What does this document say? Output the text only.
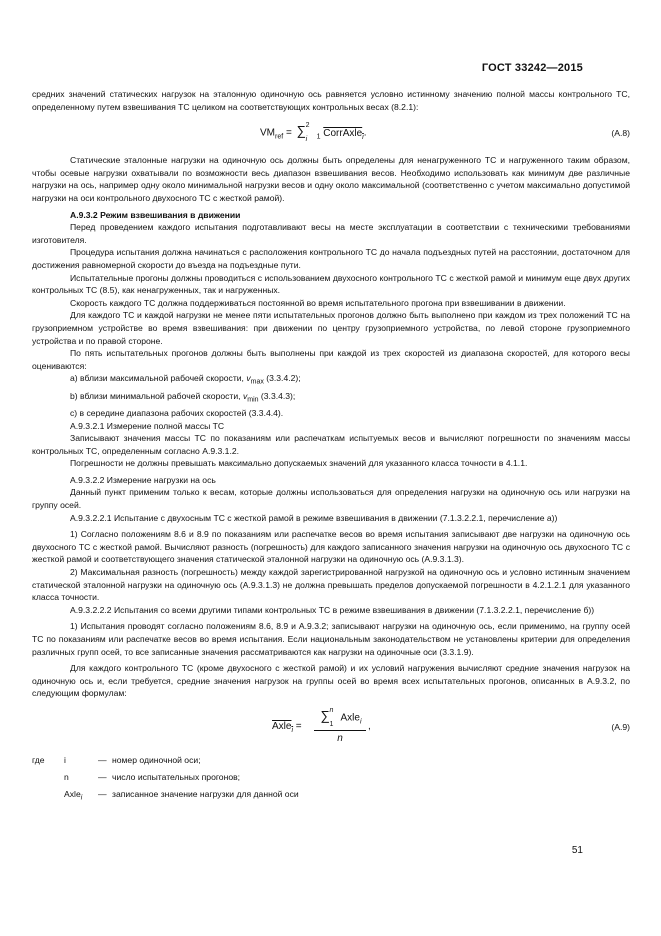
ГОСТ 33242—2015

средних значений статических нагрузок на эталонную одиночную ось равняется условно истинному значению полной массы контрольного ТС, определенному путем взвешивания ТС целиком на соответствующих контрольных весах (8.2.1):

$VM_{ref}$ = ∑ 2
i $_1$ CorrAxle$_i$.	(A.8)

Статические эталонные нагрузки на одиночную ось должны быть определены для ненагруженного ТС и нагруженного таким образом, чтобы осевые нагрузки охватывали по возможности весь диапазон взвешивания весов. Необходимо использовать как минимум две различные нагрузки на ось, например одну около минимальной нагрузки весов и одну около максимальной (соответственно с учетом максимально допустимой нагрузки на оси контрольного двухосного ТС с жесткой рамой).

А.9.3.2 Режим взвешивания в движении

Перед проведением каждого испытания подготавливают весы на месте эксплуатации в соответствии с техническими требованиями изготовителя.

Процедура испытания должна начинаться с расположения контрольного ТС до начала подъездных путей на расстоянии, достаточном для достижения равномерной скорости до въезда на подъездные пути.

Испытательные прогоны должны проводиться с использованием двухосного контрольного ТС с жесткой рамой и минимум еще двух других контрольных ТС (8.5), как ненагруженных, так и нагруженных.

Скорость каждого ТС должна поддерживаться постоянной во время испытательного прогона при взвешивании в движении.

Для каждого ТС и каждой нагрузки не менее пяти испытательных прогонов должно быть выполнено при каждом из трех положений ТС на грузоприемном устройстве во время взвешивания: при движении по центру грузоприемного устройства, по левой стороне грузоприемного устройства и по правой стороне.

По пять испытательных прогонов должны быть выполнены при каждой из трех скоростей из диапазона скоростей, для которого весы оцениваются:

а) вблизи максимальной рабочей скорости, $v_{max}$ (3.3.4.2);

b) вблизи минимальной рабочей скорости, $v_{min}$ (3.3.4.3);

c) в середине диапазона рабочих скоростей (3.3.4.4).

А.9.3.2.1 Измерение полной массы ТС

Записывают значения массы ТС по показаниям или распечаткам испытуемых весов и вычисляют погрешности по значениям массы контрольных ТС, определенным согласно А.9.3.1.2.

Погрешности не должны превышать максимально допускаемых значений для указанного класса точности в 4.1.1.

А.9.3.2.2 Измерение нагрузки на ось

Данный пункт применим только к весам, которые должны использоваться для определения нагрузки на одиночную ось или нагрузки на группу осей.

А.9.3.2.2.1 Испытание с двухосным ТС с жесткой рамой в режиме взвешивания в движении (7.1.3.2.2.1, перечисление а))

1) Согласно положениям 8.6 и 8.9 по показаниям или распечатке весов во время испытания записывают две нагрузки на одиночную ось двухосного ТС с жесткой рамой. Вычисляют разность (погрешность) для каждого записанного значения нагрузки на одиночную ось двухосного ТС с жесткой рамой и соответствующего значения статической эталонной нагрузки на одиночную ось (А.9.3.1.3).

2) Максимальная разность (погрешность) между каждой зарегистрированной нагрузкой на одиночную ось и условно истинным значением статической эталонной нагрузки на одиночную ось (А.9.3.1.3) не должна превышать пределов допускаемой погрешности в 4.2.1.2.1 для указанного класса точности.

А.9.3.2.2.2 Испытания со всеми другими типами контрольных ТС в режиме взвешивания в движении (7.1.3.2.2.1, перечисление б))

1) Испытания проводят согласно положениям 8.6, 8.9 и А.9.3.2; записывают нагрузки на одиночную ось, если применимо, на группу осей ТС по показаниям или распечатке весов во время испытания. Если национальным законодательством не установлены критерии для определения различных групп осей, то все записанные значения рассматриваются как нагрузки на одиночные оси (3.3.1.9).

Для каждого контрольного ТС (кроме двухосного с жесткой рамой) и их условий нагружения вычисляют средние значения нагрузок на одиночную ось и, если требуется, средние значения нагрузок на группы осей во время всех испытательных прогонов, описанных в А.9.3.2, по следующим формулам:

Axle$_i$ =
∑ n
1
Axle$_i$
n
,	(A.9)
где	i	—	номер одиночной оси;
	n	—	число испытательных прогонов;
	Axle$_i$	—	записанное значение нагрузки для данной оси
51
